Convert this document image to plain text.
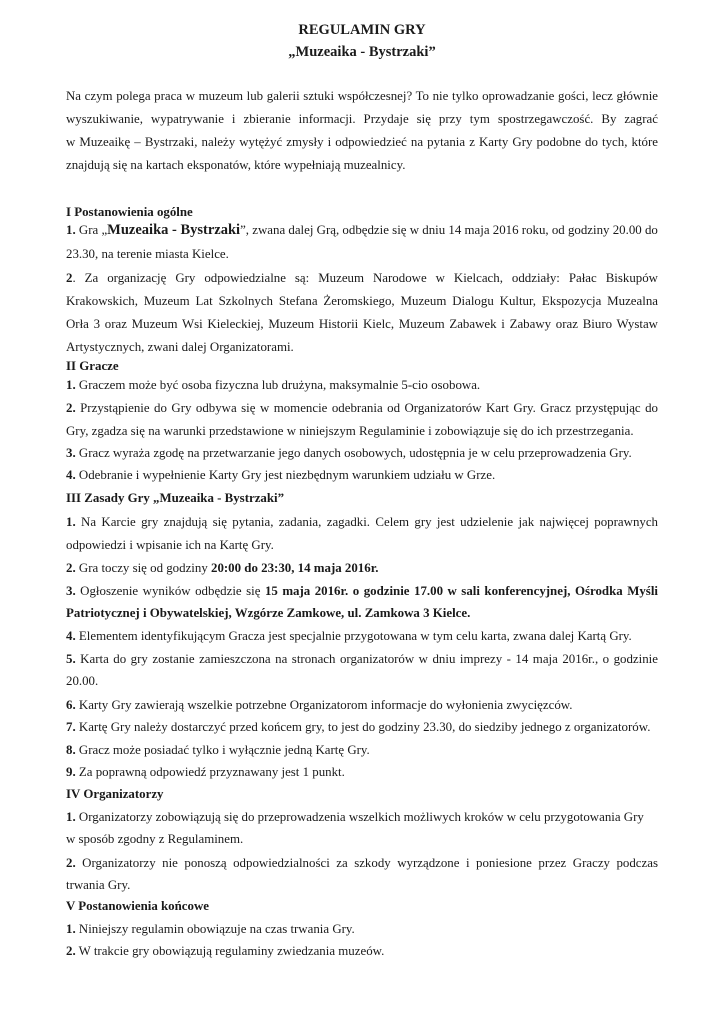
REGULAMIN GRY
„Muzeaika - Bystrzaki”
Na czym polega praca w muzeum lub galerii sztuki współczesnej? To nie tylko oprowadzanie gości, lecz głównie
wyszukiwanie, wypatrywanie i zbieranie informacji. Przydaje się przy tym spostrzegawczość. By zagrać
w Muzeaikę – Bystrzaki, należy wytężyć zmysły i odpowiedzieć na pytania z Karty Gry podobne do tych, które
znajdują się na kartach eksponatów, które wypełniają muzealnicy.
I Postanowienia ogólne
1. Gra „Muzeaika - Bystrzaki”, zwana dalej Grą, odbędzie się w dniu 14 maja 2016 roku, od godziny 20.00 do
23.30, na terenie miasta Kielce.
2. Za organizację Gry odpowiedzialne są: Muzeum Narodowe w Kielcach, oddziały: Pałac Biskupów
Krakowskich, Muzeum Lat Szkolnych Stefana Żeromskiego, Muzeum Dialogu Kultur, Ekspozycja Muzealna
Orła 3 oraz Muzeum Wsi Kieleckiej, Muzeum Historii Kielc, Muzeum Zabawek i Zabawy oraz Biuro Wystaw
Artystycznych, zwani dalej Organizatorami.
II Gracze
1. Graczem może być osoba fizyczna lub drużyna, maksymalnie 5-cio osobowa.
2. Przystąpienie do Gry odbywa się w momencie odebrania od Organizatorów Kart Gry. Gracz przystępując do
Gry, zgadza się na warunki przedstawione w niniejszym Regulaminie i zobowiązuje się do ich przestrzegania.
3. Gracz wyraża zgodę na przetwarzanie jego danych osobowych, udostępnia je w celu przeprowadzenia Gry.
4. Odebranie i wypełnienie Karty Gry jest niezbędnym warunkiem udziału w Grze.
III Zasady Gry „Muzeaika - Bystrzaki”
1. Na Karcie gry znajdują się pytania, zadania, zagadki. Celem gry jest udzielenie jak najwięcej poprawnych
odpowiedzi i wpisanie ich na Kartę Gry.
2. Gra toczy się od godziny 20:00 do 23:30, 14 maja 2016r.
3. Ogłoszenie wyników odbędzie się 15 maja 2016r. o godzinie 17.00 w sali konferencyjnej, Ośrodka Myśli
Patriotycznej i Obywatelskiej, Wzgórze Zamkowe, ul. Zamkowa 3 Kielce.
4. Elementem identyfikującym Gracza jest specjalnie przygotowana w tym celu karta, zwana dalej Kartą Gry.
5. Karta do gry zostanie zamieszczona na stronach organizatorów w dniu imprezy - 14 maja 2016r., o godzinie
20.00.
6. Karty Gry zawierają wszelkie potrzebne Organizatorom informacje do wyłonienia zwycięzców.
7. Kartę Gry należy dostarczyć przed końcem gry, to jest do godziny 23.30, do siedziby jednego z organizatorów.
8. Gracz może posiadać tylko i wyłącznie jedną Kartę Gry.
9. Za poprawną odpowiedź przyznawany jest 1 punkt.
IV Organizatorzy
1. Organizatorzy zobowiązują się do przeprowadzenia wszelkich możliwych kroków w celu przygotowania Gry
w sposób zgodny z Regulaminem.
2. Organizatorzy nie ponoszą odpowiedzialności za szkody wyrządzone i poniesione przez Graczy podczas
trwania Gry.
V Postanowienia końcowe
1. Niniejszy regulamin obowiązuje na czas trwania Gry.
2. W trakcie gry obowiązują regulaminy zwiedzania muzeów.
